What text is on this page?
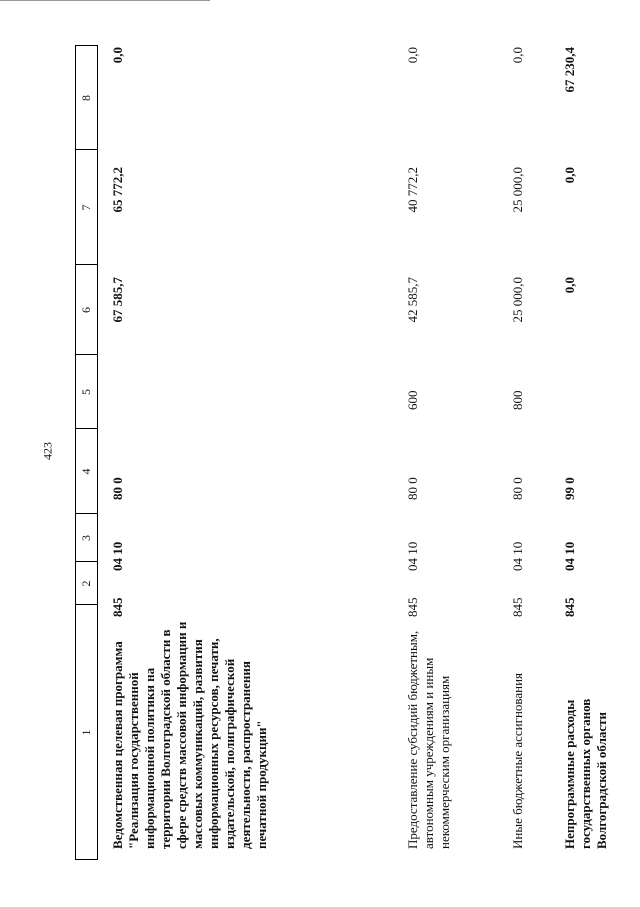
423
1
2
3
4
5
6
7
8
Ведомственная целевая программа "Реализация государственной информационной политики на территории Волгоградской области в сфере средств массовой информации и массовых коммуникаций, развития информационных ресурсов, печати, издательской, полиграфической деятельности, распространения печатной продукции"
845
04 10
80 0
67 585,7
65 772,2
0,0
Предоставление субсидий бюджетным, автономным учреждениям и иным некоммерческим организациям
845
04 10
80 0
600
42 585,7
40 772,2
0,0
Иные бюджетные ассигнования
845
04 10
80 0
800
25 000,0
25 000,0
0,0
Непрограммные расходы государственных органов Волгоградской области
845
04 10
99 0
0,0
0,0
67 230,4
